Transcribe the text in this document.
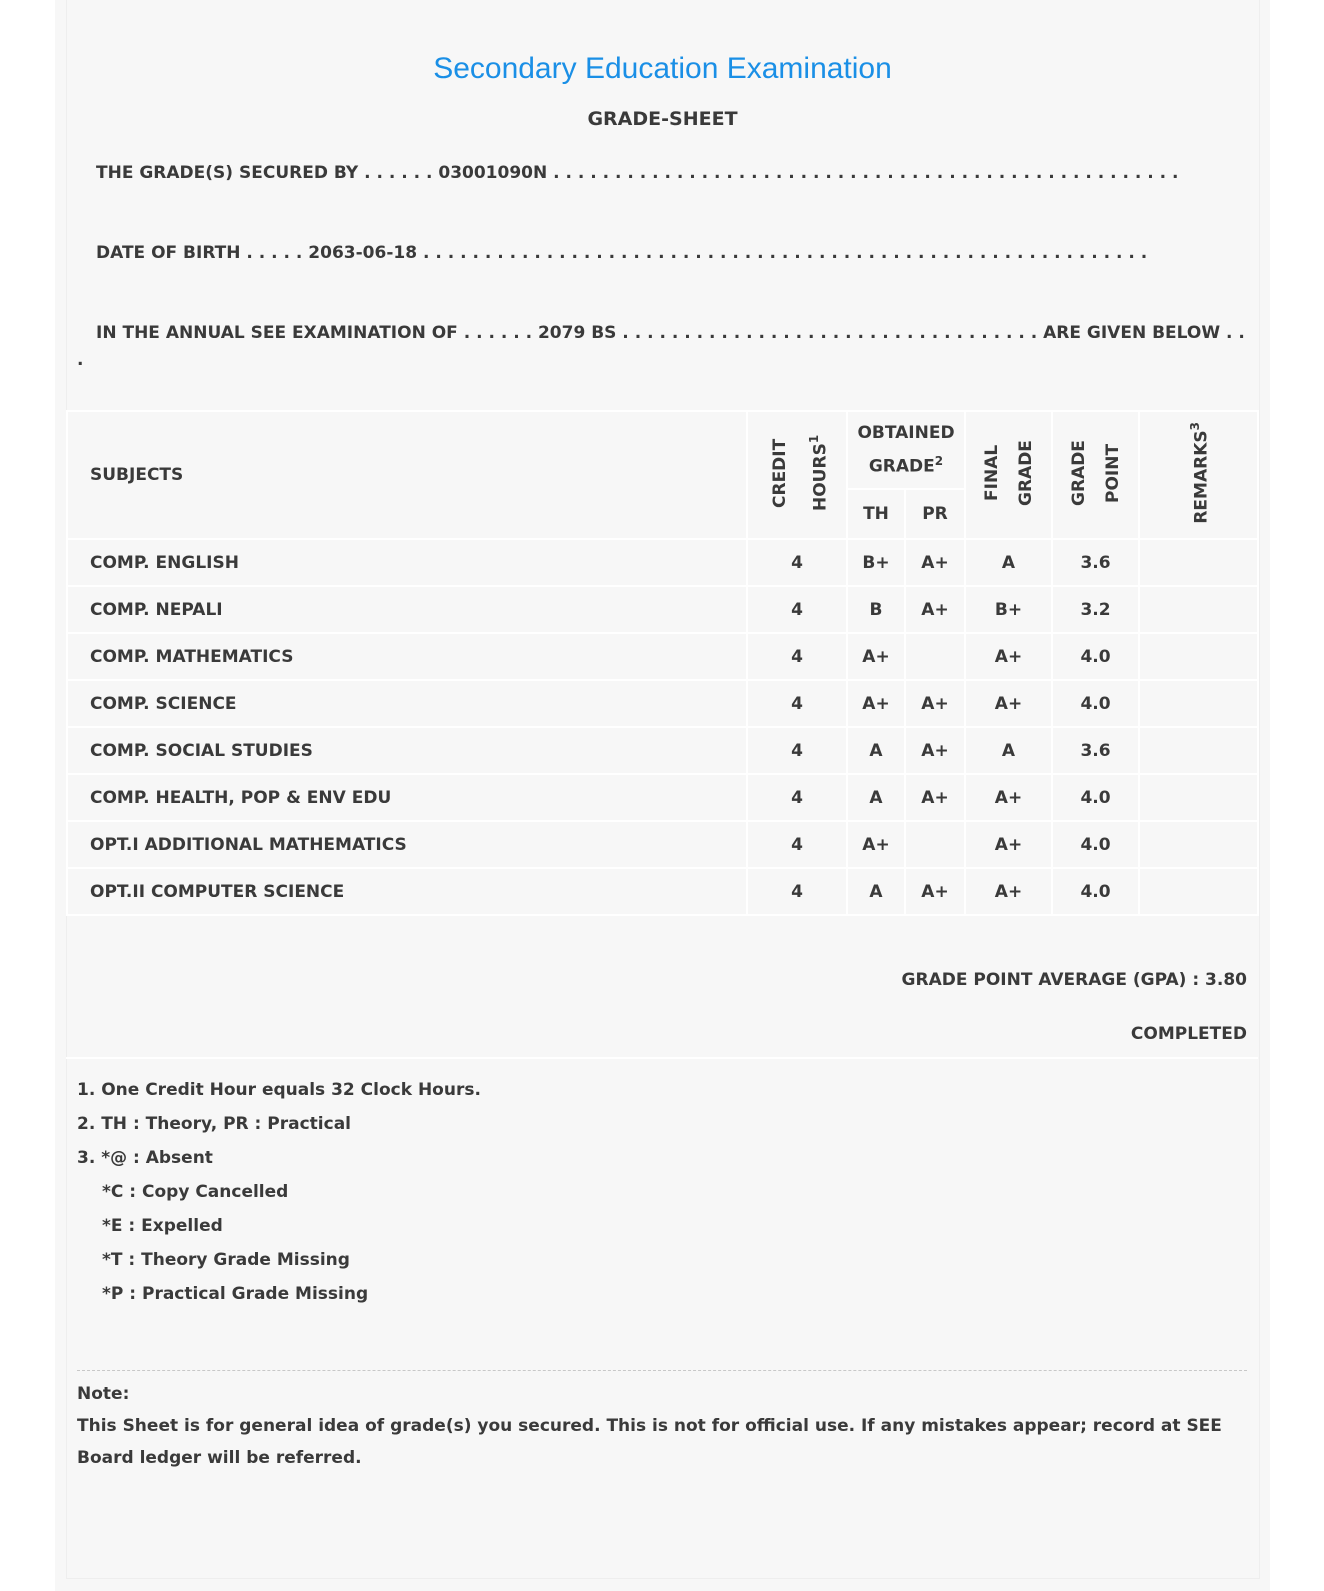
Secondary Education Examination
GRADE-SHEET
THE GRADE(S) SECURED BY . . . . . . 03001090N . . . . . . . . . . . . . . . . . . . . . . . . . . . . . . . . . . . . . . . . . . . . . . . . . . .
DATE OF BIRTH . . . . . 2063-06-18 . . . . . . . . . . . . . . . . . . . . . . . . . . . . . . . . . . . . . . . . . . . . . . . . . . . . . . . . . . .
IN THE ANNUAL SEE EXAMINATION OF . . . . . . 2079 BS . . . . . . . . . . . . . . . . . . . . . . . . . . . . . . . . . . ARE GIVEN BELOW . . .
SUBJECTS	CREDIT HOURS$^1$	OBTAINED GRADE$^2$		FINAL GRADE	GRADE POINT	REMARKS$^3$
		TH	PR			
COMP. ENGLISH	4	B+	A+	A	3.6	
COMP. NEPALI	4	B	A+	B+	3.2	
COMP. MATHEMATICS	4	A+		A+	4.0	
COMP. SCIENCE	4	A+	A+	A+	4.0	
COMP. SOCIAL STUDIES	4	A	A+	A	3.6	
COMP. HEALTH, POP & ENV EDU	4	A	A+	A+	4.0	
OPT.I ADDITIONAL MATHEMATICS	4	A+		A+	4.0	
OPT.II COMPUTER SCIENCE	4	A	A+	A+	4.0	
GRADE POINT AVERAGE (GPA) : 3.80
COMPLETED
1. One Credit Hour equals 32 Clock Hours.
2. TH : Theory, PR : Practical
3. *@ : Absent
*C : Copy Cancelled
*E : Expelled
*T : Theory Grade Missing
*P : Practical Grade Missing
Note:
This Sheet is for general idea of grade(s) you secured. This is not for official use. If any mistakes appear; record at SEE Board ledger will be referred.
